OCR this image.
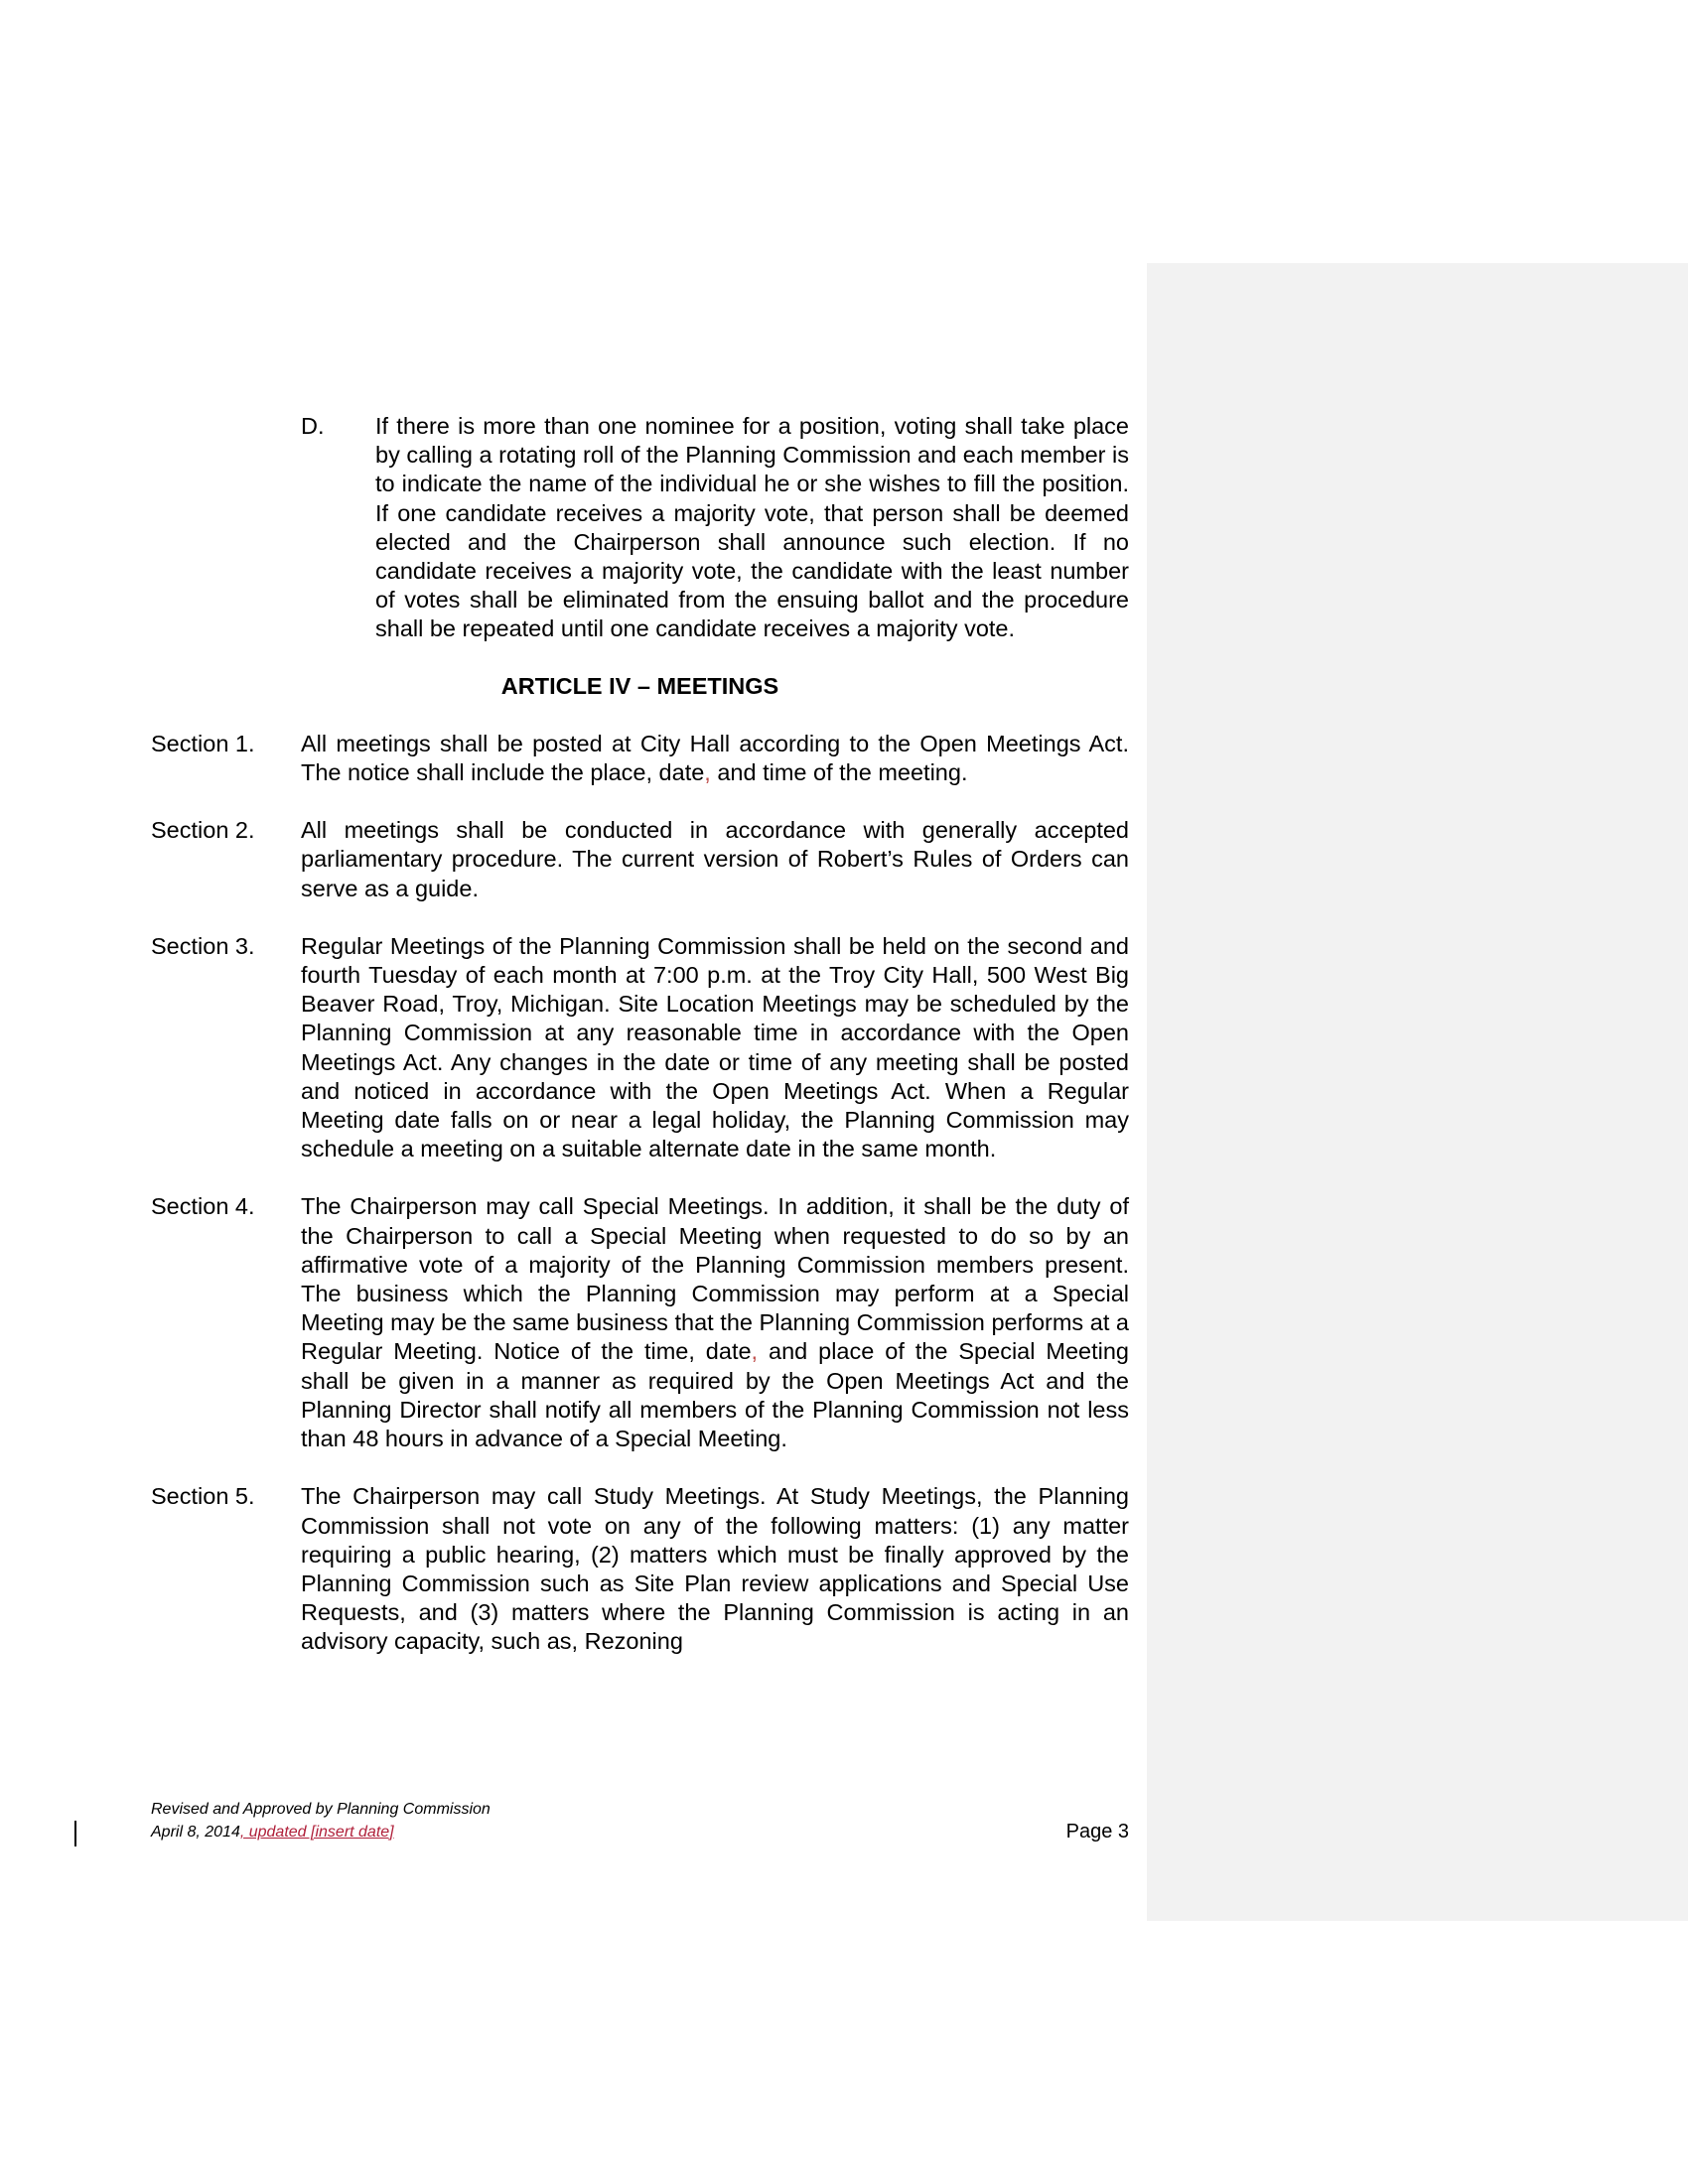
D. If there is more than one nominee for a position, voting shall take place by calling a rotating roll of the Planning Commission and each member is to indicate the name of the individual he or she wishes to fill the position. If one candidate receives a majority vote, that person shall be deemed elected and the Chairperson shall announce such election. If no candidate receives a majority vote, the candidate with the least number of votes shall be eliminated from the ensuing ballot and the procedure shall be repeated until one candidate receives a majority vote.
ARTICLE IV – MEETINGS
Section 1. All meetings shall be posted at City Hall according to the Open Meetings Act. The notice shall include the place, date, and time of the meeting.
Section 2. All meetings shall be conducted in accordance with generally accepted parliamentary procedure. The current version of Robert’s Rules of Orders can serve as a guide.
Section 3. Regular Meetings of the Planning Commission shall be held on the second and fourth Tuesday of each month at 7:00 p.m. at the Troy City Hall, 500 West Big Beaver Road, Troy, Michigan. Site Location Meetings may be scheduled by the Planning Commission at any reasonable time in accordance with the Open Meetings Act. Any changes in the date or time of any meeting shall be posted and noticed in accordance with the Open Meetings Act. When a Regular Meeting date falls on or near a legal holiday, the Planning Commission may schedule a meeting on a suitable alternate date in the same month.
Section 4. The Chairperson may call Special Meetings. In addition, it shall be the duty of the Chairperson to call a Special Meeting when requested to do so by an affirmative vote of a majority of the Planning Commission members present. The business which the Planning Commission may perform at a Special Meeting may be the same business that the Planning Commission performs at a Regular Meeting. Notice of the time, date, and place of the Special Meeting shall be given in a manner as required by the Open Meetings Act and the Planning Director shall notify all members of the Planning Commission not less than 48 hours in advance of a Special Meeting.
Section 5. The Chairperson may call Study Meetings. At Study Meetings, the Planning Commission shall not vote on any of the following matters: (1) any matter requiring a public hearing, (2) matters which must be finally approved by the Planning Commission such as Site Plan review applications and Special Use Requests, and (3) matters where the Planning Commission is acting in an advisory capacity, such as, Rezoning
Revised and Approved by Planning Commission
April 8, 2014, updated [insert date]	Page 3
